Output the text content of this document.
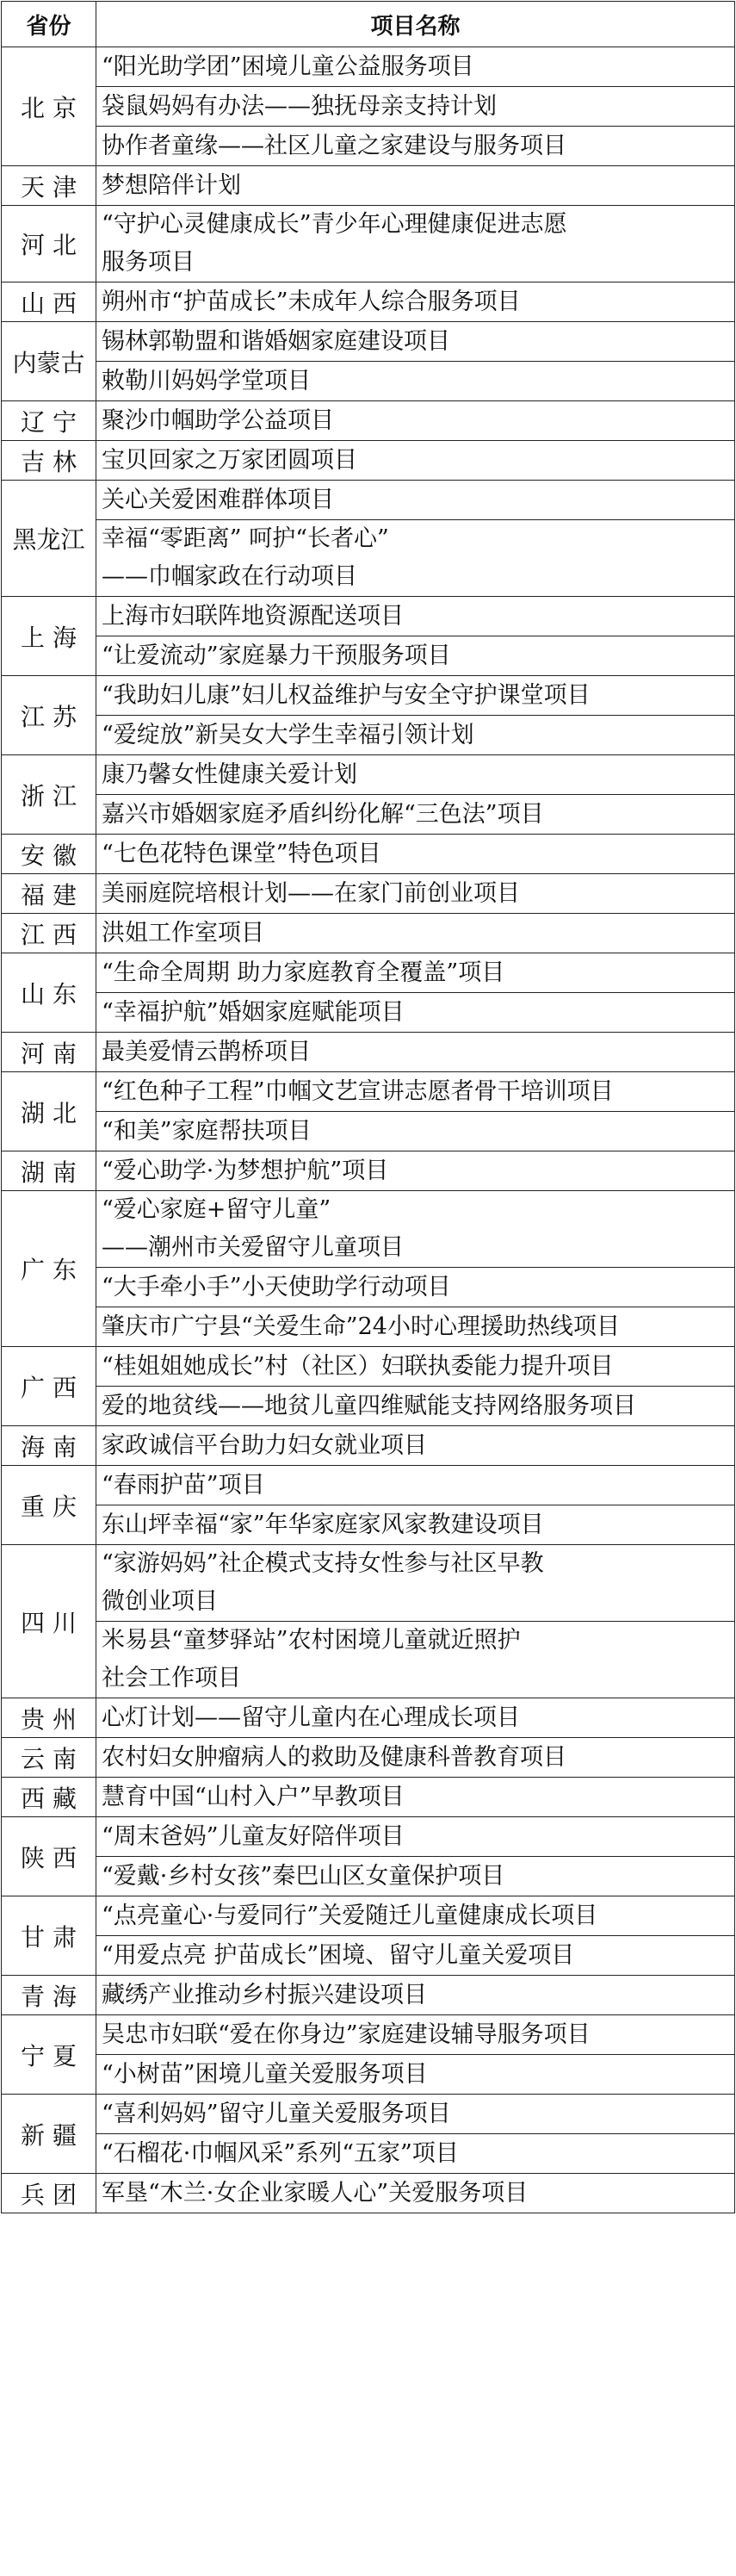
省份	项目名称
北 京	“阳光助学团”困境儿童公益服务项目

	袋鼠妈妈有办法——独抚母亲支持计划

	协作者童缘——社区儿童之家建设与服务项目

天 津	梦想陪伴计划

河 北	“守护心灵健康成长”青少年心理健康促进志愿
服务项目

山 西	朔州市“护苗成长”未成年人综合服务项目

内蒙古	锡林郭勒盟和谐婚姻家庭建设项目

	敕勒川妈妈学堂项目

辽 宁	聚沙巾帼助学公益项目

吉 林	宝贝回家之万家团圆项目

黑龙江	关心关爱困难群体项目

	幸福“零距离” 呵护“长者心”
——巾帼家政在行动项目

上 海	上海市妇联阵地资源配送项目

	“让爱流动”家庭暴力干预服务项目

江 苏	“我助妇儿康”妇儿权益维护与安全守护课堂项目

	“爱绽放”新吴女大学生幸福引领计划

浙 江	康乃馨女性健康关爱计划

	嘉兴市婚姻家庭矛盾纠纷化解“三色法”项目

安 徽	“七色花特色课堂”特色项目

福 建	美丽庭院培根计划——在家门前创业项目

江 西	洪姐工作室项目

山 东	“生命全周期 助力家庭教育全覆盖”项目

	“幸福护航”婚姻家庭赋能项目

河 南	最美爱情云鹊桥项目

湖 北	“红色种子工程”巾帼文艺宣讲志愿者骨干培训项目

	“和美”家庭帮扶项目

湖 南	“爱心助学·为梦想护航”项目

广 东	“爱心家庭+留守儿童”
——潮州市关爱留守儿童项目

	“大手牵小手”小天使助学行动项目

	肇庆市广宁县“关爱生命”24小时心理援助热线项目

广 西	“桂姐姐她成长”村（社区）妇联执委能力提升项目

	爱的地贫线——地贫儿童四维赋能支持网络服务项目

海 南	家政诚信平台助力妇女就业项目

重 庆	“春雨护苗”项目

	东山坪幸福“家”年华家庭家风家教建设项目

四 川	“家游妈妈”社企模式支持女性参与社区早教
微创业项目

	米易县“童梦驿站”农村困境儿童就近照护
社会工作项目

贵 州	心灯计划——留守儿童内在心理成长项目

云 南	农村妇女肿瘤病人的救助及健康科普教育项目

西 藏	慧育中国“山村入户”早教项目

陕 西	“周末爸妈”儿童友好陪伴项目

	“爱戴·乡村女孩”秦巴山区女童保护项目

甘 肃	“点亮童心·与爱同行”关爱随迁儿童健康成长项目

	“用爱点亮 护苗成长”困境、留守儿童关爱项目

青 海	藏绣产业推动乡村振兴建设项目

宁 夏	吴忠市妇联“爱在你身边”家庭建设辅导服务项目

	“小树苗”困境儿童关爱服务项目

新 疆	“喜利妈妈”留守儿童关爱服务项目

	“石榴花·巾帼风采”系列“五家”项目

兵 团	军垦“木兰·女企业家暖人心”关爱服务项目
